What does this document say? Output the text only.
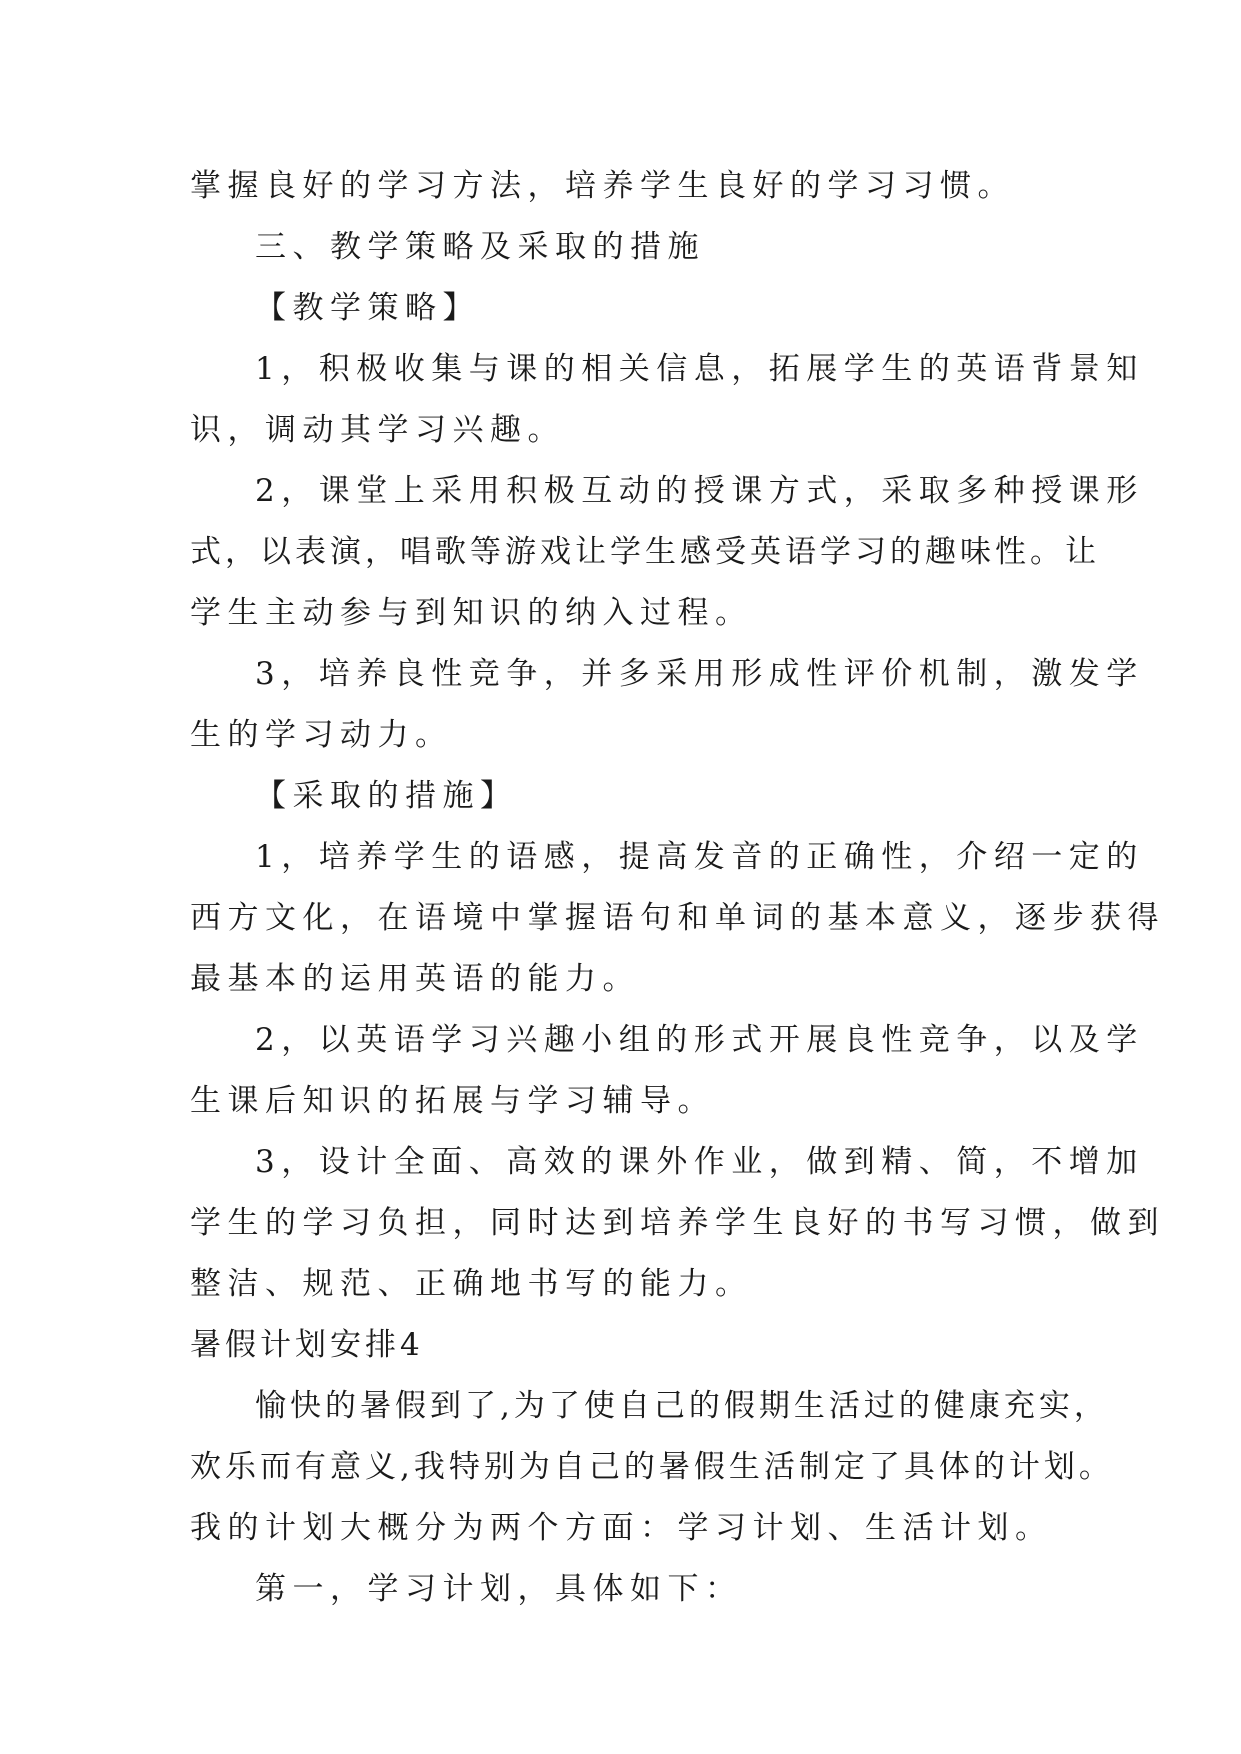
掌握良好的学习方法，培养学生良好的学习习惯。
三、教学策略及采取的措施
【教学策略】
1，积极收集与课的相关信息，拓展学生的英语背景知
识，调动其学习兴趣。
2，课堂上采用积极互动的授课方式，采取多种授课形
式，以表演，唱歌等游戏让学生感受英语学习的趣味性。让
学生主动参与到知识的纳入过程。
3，培养良性竞争，并多采用形成性评价机制，激发学
生的学习动力。
【采取的措施】
1，培养学生的语感，提高发音的正确性，介绍一定的
西方文化，在语境中掌握语句和单词的基本意义，逐步获得
最基本的运用英语的能力。
2，以英语学习兴趣小组的形式开展良性竞争，以及学
生课后知识的拓展与学习辅导。
3，设计全面、高效的课外作业，做到精、简，不增加
学生的学习负担，同时达到培养学生良好的书写习惯，做到
整洁、规范、正确地书写的能力。
暑假计划安排4
愉快的暑假到了,为了使自己的假期生活过的健康充实，
欢乐而有意义,我特别为自己的暑假生活制定了具体的计划。
我的计划大概分为两个方面：学习计划、生活计划。
第一，学习计划，具体如下：
